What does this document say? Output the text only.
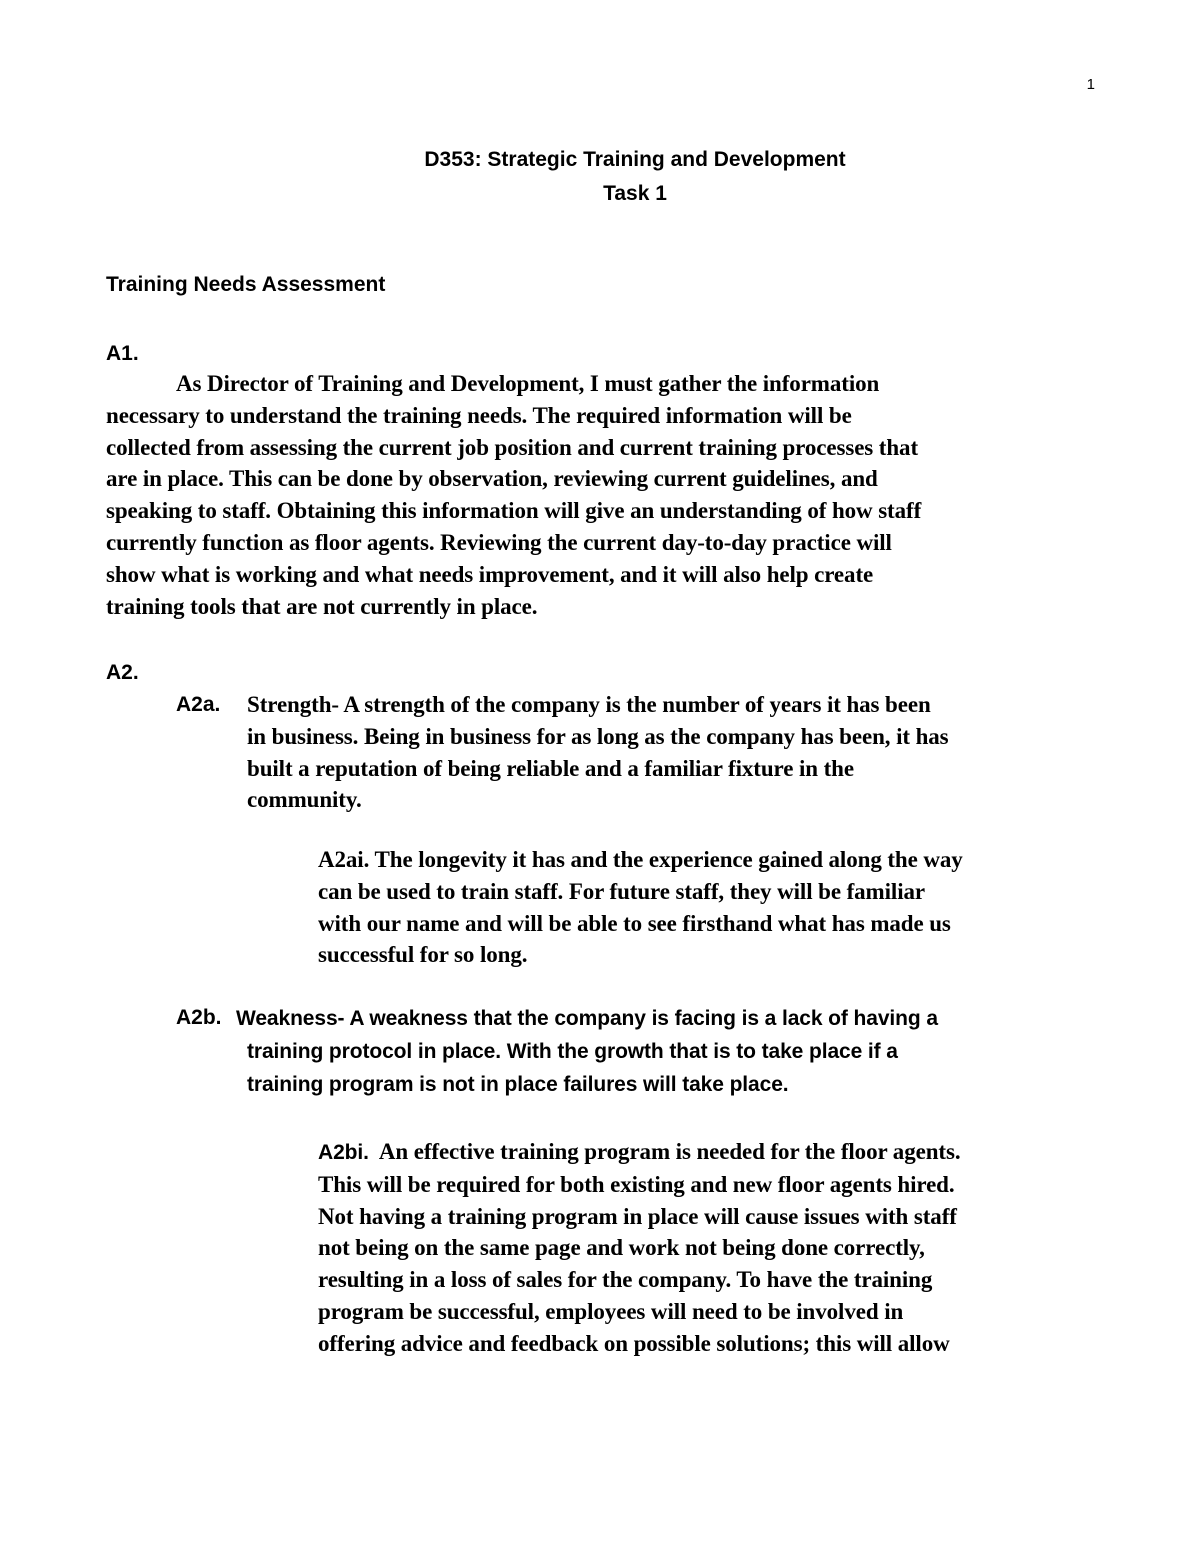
1
D353: Strategic Training and Development
Task 1
Training Needs Assessment
A1.
As Director of Training and Development, I must gather the information
necessary to understand the training needs. The required information will be
collected from assessing the current job position and current training processes that
are in place. This can be done by observation, reviewing current guidelines, and
speaking to staff. Obtaining this information will give an understanding of how staff
currently function as floor agents. Reviewing the current day-to-day practice will
show what is working and what needs improvement, and it will also help create
training tools that are not currently in place.
A2.
A2a. Strength- A strength of the company is the number of years it has been
in business. Being in business for as long as the company has been, it has
built a reputation of being reliable and a familiar fixture in the
community.
A2ai. The longevity it has and the experience gained along the way
can be used to train staff. For future staff, they will be familiar
with our name and will be able to see firsthand what has made us
successful for so long.
A2b. Weakness- A weakness that the company is facing is a lack of having a
training protocol in place. With the growth that is to take place if a
training program is not in place failures will take place.
A2bi. An effective training program is needed for the floor agents.
This will be required for both existing and new floor agents hired.
Not having a training program in place will cause issues with staff
not being on the same page and work not being done correctly,
resulting in a loss of sales for the company. To have the training
program be successful, employees will need to be involved in
offering advice and feedback on possible solutions; this will allow
